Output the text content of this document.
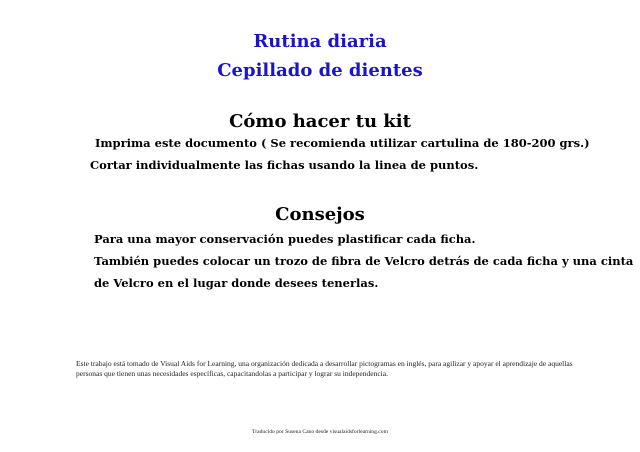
Rutina diaria
Cepillado de dientes
Cómo hacer tu kit
Imprima este documento ( Se recomienda utilizar cartulina de 180-200 grs.)
Cortar individualmente las fichas usando la linea de puntos.
Consejos
Para una mayor conservación puedes plastificar cada ficha.
También puedes colocar un trozo de fibra de Velcro detrás de cada ficha y una cinta
de Velcro en el lugar donde desees tenerlas.
Este trabajo está tomado de Visual Aids for Learning, una organización dedicada a desarrollar pictogramas en inglés, para agilizar y apoyar el aprendizaje de aquellas personas que tienen unas necesidades específicas, capacitandolas a participar y lograr su independencia.
Traducido por Susena Cano desde visualaidsforlearning.com
